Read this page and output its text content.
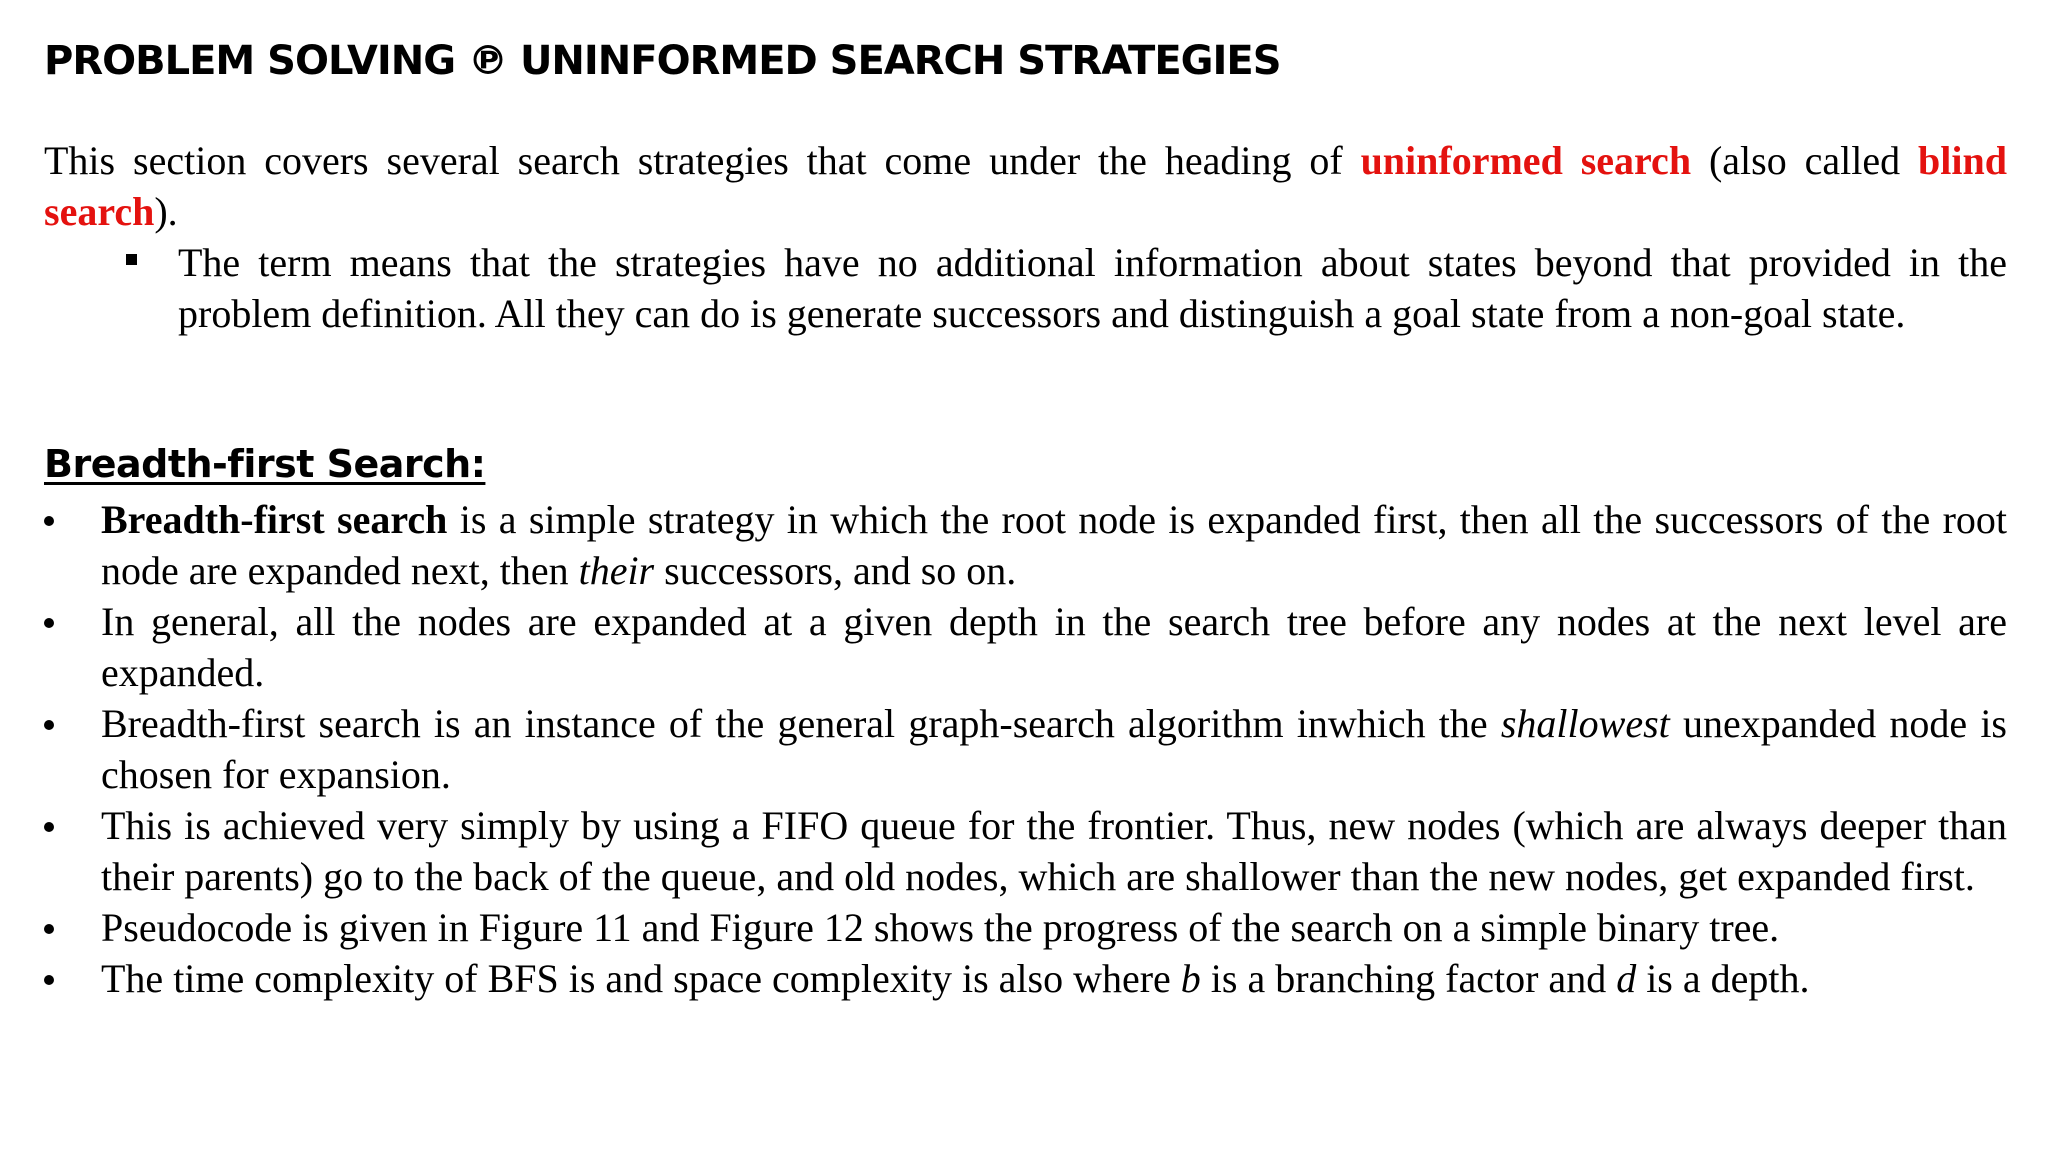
PROBLEM SOLVING ℗ UNINFORMED SEARCH STRATEGIES
This section covers several search strategies that come under the heading of uninformed search (also called blind search).
The term means that the strategies have no additional information about states beyond that provided in the problem definition. All they can do is generate successors and distinguish a goal state from a non-goal state.
Breadth-first Search:
Breadth-first search is a simple strategy in which the root node is expanded first, then all the successors of the root node are expanded next, then their successors, and so on.
In general, all the nodes are expanded at a given depth in the search tree before any nodes at the next level are expanded.
Breadth-first search is an instance of the general graph-search algorithm inwhich the shallowest unexpanded node is chosen for expansion.
This is achieved very simply by using a FIFO queue for the frontier. Thus, new nodes (which are always deeper than their parents) go to the back of the queue, and old nodes, which are shallower than the new nodes, get expanded first.
Pseudocode is given in Figure 11 and Figure 12 shows the progress of the search on a simple binary tree.
The time complexity of BFS is and space complexity is also where b is a branching factor and d is a depth.
